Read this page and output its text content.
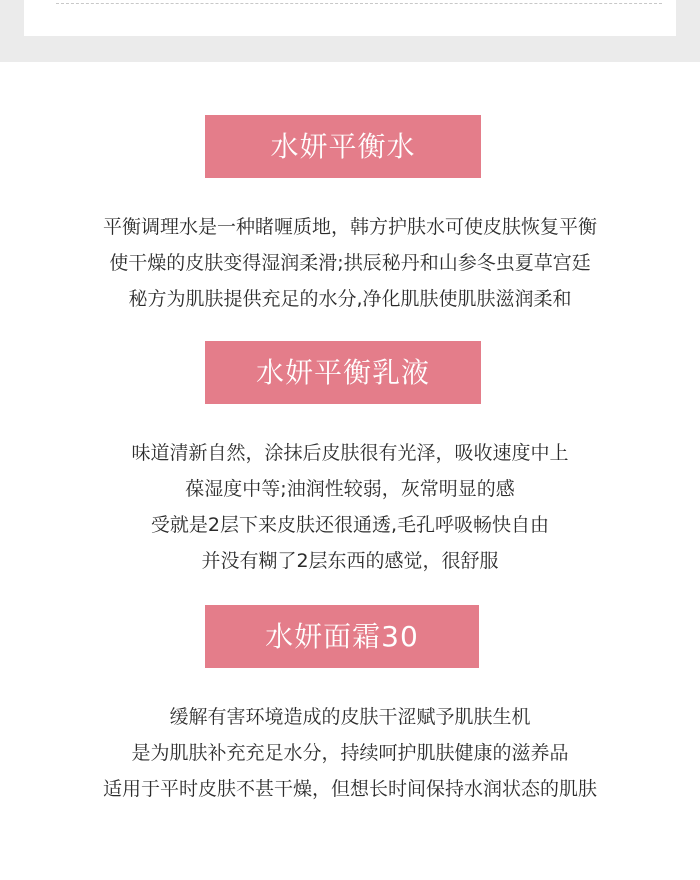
水妍平衡水
平衡调理水是一种睹喱质地，韩方护肤水可使皮肤恢复平衡
使干燥的皮肤变得湿润柔滑;拱辰秘丹和山参冬虫夏草宫廷
秘方为肌肤提供充足的水分,净化肌肤使肌肤滋润柔和
水妍平衡乳液
味道清新自然，涂抹后皮肤很有光泽，吸收速度中上
葆湿度中等;油润性较弱，灰常明显的感
受就是2层下来皮肤还很通透,毛孔呼吸畅快自由
并没有糊了2层东西的感觉，很舒服
水妍面霜30
缓解有害环境造成的皮肤干涩赋予肌肤生机
是为肌肤补充充足水分，持续呵护肌肤健康的滋养品
适用于平时皮肤不甚干燥，但想长时间保持水润状态的肌肤
